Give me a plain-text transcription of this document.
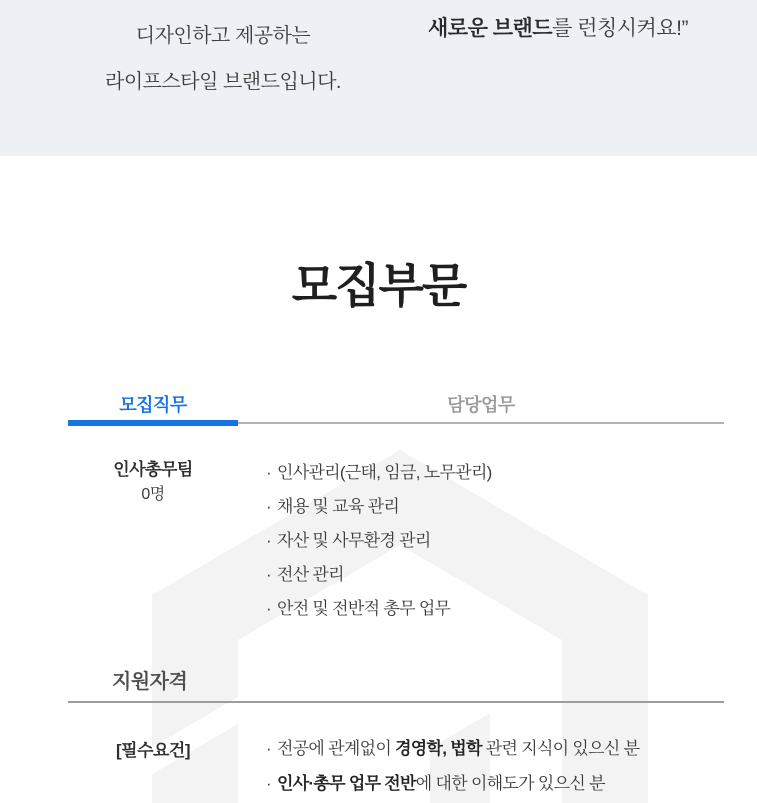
디자인하고 제공하는
라이프스타일 브랜드입니다.
새로운 브랜드를 런칭시켜요!”
모집부문
모집직무	담당업무
인사총무팀
0명
· 인사관리(근태, 임금, 노무관리)
· 채용 및 교육 관리
· 자산 및 사무환경 관리
· 전산 관리
· 안전 및 전반적 총무 업무
지원자격
[필수요건]	· 전공에 관계없이 경영학, 법학 관련 지식이 있으신 분
· 인사·총무 업무 전반에 대한 이해도가 있으신 분
